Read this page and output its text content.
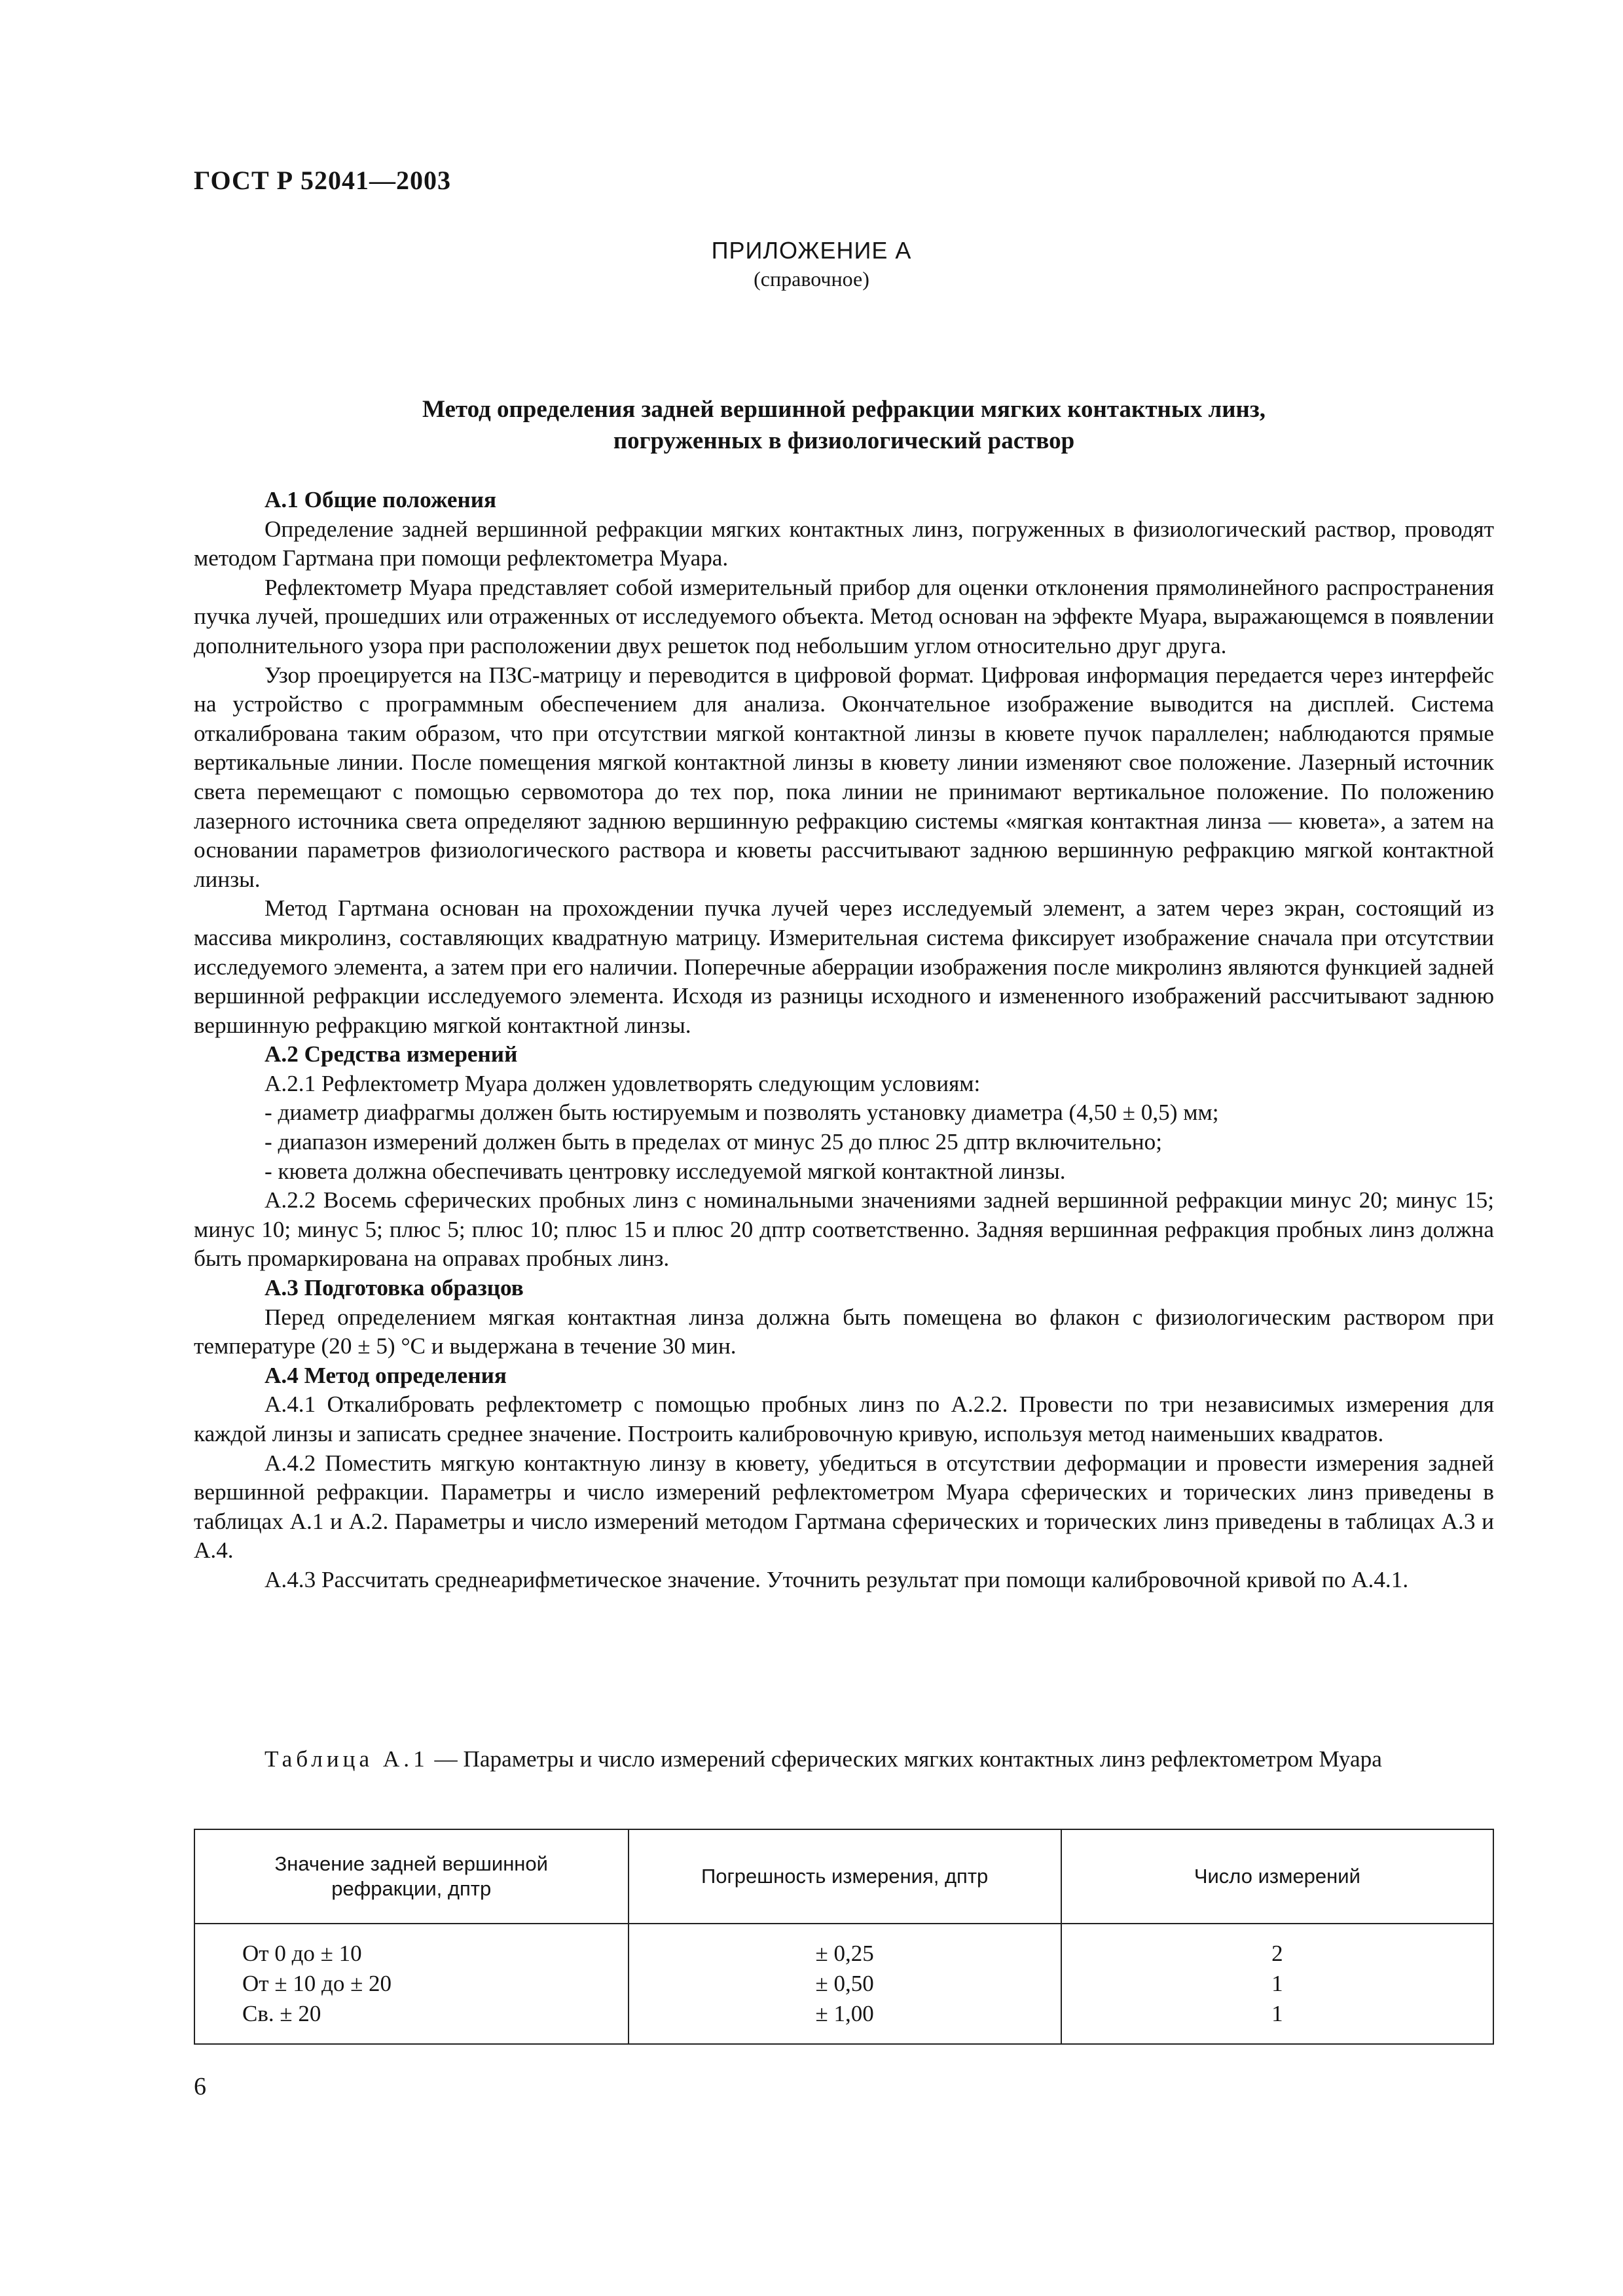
ГОСТ Р 52041—2003
ПРИЛОЖЕНИЕ А
(справочное)
Метод определения задней вершинной рефракции мягких контактных линз,
погруженных в физиологический раствор
А.1 Общие положения

Определение задней вершинной рефракции мягких контактных линз, погруженных в физиологический раствор, проводят методом Гартмана при помощи рефлектометра Муара.

Рефлектометр Муара представляет собой измерительный прибор для оценки отклонения прямолинейного распространения пучка лучей, прошедших или отраженных от исследуемого объекта. Метод основан на эффекте Муара, выражающемся в появлении дополнительного узора при расположении двух решеток под небольшим углом относительно друг друга.

Узор проецируется на ПЗС-матрицу и переводится в цифровой формат. Цифровая информация передается через интерфейс на устройство с программным обеспечением для анализа. Окончательное изображение выводится на дисплей. Система откалибрована таким образом, что при отсутствии мягкой контактной линзы в кювете пучок параллелен; наблюдаются прямые вертикальные линии. После помещения мягкой контактной линзы в кювету линии изменяют свое положение. Лазерный источник света перемещают с помощью сервомотора до тех пор, пока линии не принимают вертикальное положение. По положению лазерного источника света определяют заднюю вершинную рефракцию системы «мягкая контактная линза — кювета», а затем на основании параметров физиологического раствора и кюветы рассчитывают заднюю вершинную рефракцию мягкой контактной линзы.

Метод Гартмана основан на прохождении пучка лучей через исследуемый элемент, а затем через экран, состоящий из массива микролинз, составляющих квадратную матрицу. Измерительная система фиксирует изображение сначала при отсутствии исследуемого элемента, а затем при его наличии. Поперечные аберрации изображения после микролинз являются функцией задней вершинной рефракции исследуемого элемента. Исходя из разницы исходного и измененного изображений рассчитывают заднюю вершинную рефракцию мягкой контактной линзы.

А.2 Средства измерений

А.2.1 Рефлектометр Муара должен удовлетворять следующим условиям:

- диаметр диафрагмы должен быть юстируемым и позволять установку диаметра (4,50 ± 0,5) мм;

- диапазон измерений должен быть в пределах от минус 25 до плюс 25 дптр включительно;

- кювета должна обеспечивать центровку исследуемой мягкой контактной линзы.

А.2.2 Восемь сферических пробных линз с номинальными значениями задней вершинной рефракции минус 20; минус 15; минус 10; минус 5; плюс 5; плюс 10; плюс 15 и плюс 20 дптр соответственно. Задняя вершинная рефракция пробных линз должна быть промаркирована на оправах пробных линз.

А.3 Подготовка образцов

Перед определением мягкая контактная линза должна быть помещена во флакон с физиологическим раствором при температуре (20 ± 5) °С и выдержана в течение 30 мин.

А.4 Метод определения

А.4.1 Откалибровать рефлектометр с помощью пробных линз по А.2.2. Провести по три независимых измерения для каждой линзы и записать среднее значение. Построить калибровочную кривую, используя метод наименьших квадратов.

А.4.2 Поместить мягкую контактную линзу в кювету, убедиться в отсутствии деформации и провести измерения задней вершинной рефракции. Параметры и число измерений рефлектометром Муара сферических и торических линз приведены в таблицах А.1 и А.2. Параметры и число измерений методом Гартмана сферических и торических линз приведены в таблицах А.3 и А.4.

А.4.3 Рассчитать среднеарифметическое значение. Уточнить результат при помощи калибровочной кривой по А.4.1.

Таблица А.1 — Параметры и число измерений сферических мягких контактных линз рефлектометром Муара
Значение задней вершинной рефракции, дптр	Погрешность измерения, дптр	Число измерений
От 0 до ± 10	± 0,25	2
От ± 10 до ± 20	± 0,50	1
Св. ± 20	± 1,00	1
6
